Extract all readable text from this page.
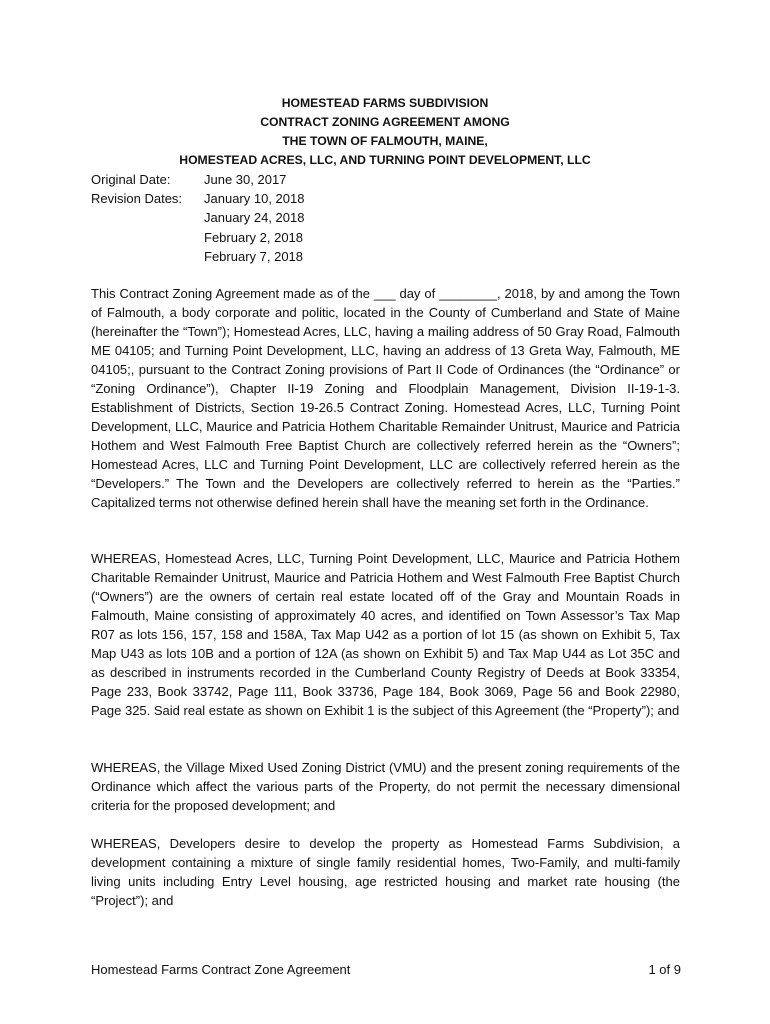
HOMESTEAD FARMS SUBDIVISION
CONTRACT ZONING AGREEMENT AMONG
THE TOWN OF FALMOUTH, MAINE,
HOMESTEAD ACRES, LLC, AND TURNING POINT DEVELOPMENT, LLC
Original Date:	June 30, 2017
Revision Dates:	January 10, 2018
January 24, 2018
February 2, 2018
February 7, 2018

This Contract Zoning Agreement made as of the ___ day of ________, 2018, by and among the Town of Falmouth, a body corporate and politic, located in the County of Cumberland and State of Maine (hereinafter the “Town”); Homestead Acres, LLC, having a mailing address of 50 Gray Road, Falmouth ME 04105; and Turning Point Development, LLC, having an address of 13 Greta Way, Falmouth, ME 04105;, pursuant to the Contract Zoning provisions of Part II Code of Ordinances (the “Ordinance” or “Zoning Ordinance”), Chapter II-19 Zoning and Floodplain Management, Division II-19-1-3. Establishment of Districts, Section 19-26.5 Contract Zoning. Homestead Acres, LLC, Turning Point Development, LLC, Maurice and Patricia Hothem Charitable Remainder Unitrust, Maurice and Patricia Hothem and West Falmouth Free Baptist Church are collectively referred herein as the “Owners”; Homestead Acres, LLC and Turning Point Development, LLC are collectively referred herein as the “Developers.” The Town and the Developers are collectively referred to herein as the “Parties.” Capitalized terms not otherwise defined herein shall have the meaning set forth in the Ordinance.

WHEREAS, Homestead Acres, LLC, Turning Point Development, LLC, Maurice and Patricia Hothem Charitable Remainder Unitrust, Maurice and Patricia Hothem and West Falmouth Free Baptist Church (“Owners”) are the owners of certain real estate located off of the Gray and Mountain Roads in Falmouth, Maine consisting of approximately 40 acres, and identified on Town Assessor’s Tax Map R07 as lots 156, 157, 158 and 158A, Tax Map U42 as a portion of lot 15 (as shown on Exhibit 5, Tax Map U43 as lots 10B and a portion of 12A (as shown on Exhibit 5) and Tax Map U44 as Lot 35C and as described in instruments recorded in the Cumberland County Registry of Deeds at Book 33354, Page 233, Book 33742, Page 111, Book 33736, Page 184, Book 3069, Page 56 and Book 22980, Page 325. Said real estate as shown on Exhibit 1 is the subject of this Agreement (the “Property”); and

WHEREAS, the Village Mixed Used Zoning District (VMU) and the present zoning requirements of the Ordinance which affect the various parts of the Property, do not permit the necessary dimensional criteria for the proposed development; and

WHEREAS, Developers desire to develop the property as Homestead Farms Subdivision, a development containing a mixture of single family residential homes, Two-Family, and multi-family living units including Entry Level housing, age restricted housing and market rate housing (the “Project”); and

Homestead Farms Contract Zone Agreement	1 of 9
